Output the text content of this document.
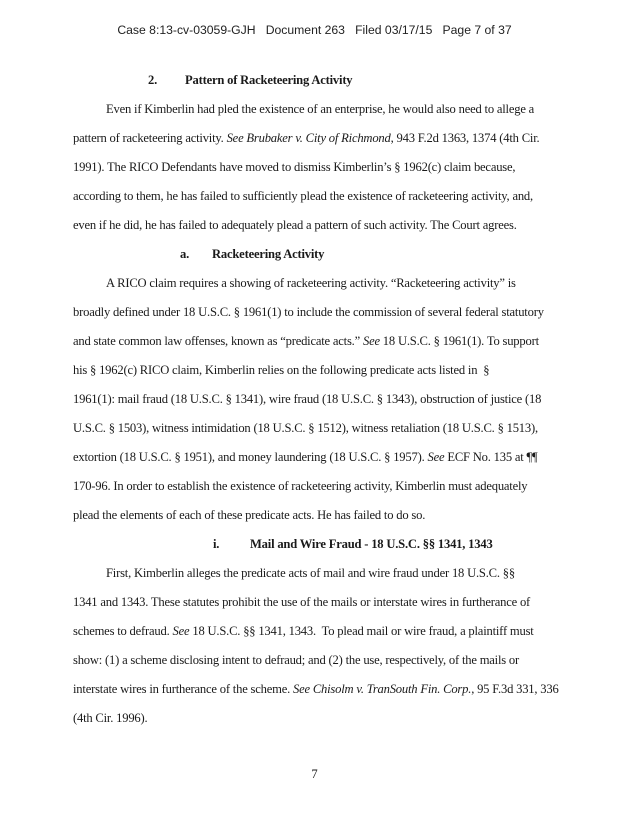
Case 8:13-cv-03059-GJH   Document 263   Filed 03/17/15   Page 7 of 37
2. Pattern of Racketeering Activity
Even if Kimberlin had pled the existence of an enterprise, he would also need to allege a
pattern of racketeering activity. See Brubaker v. City of Richmond, 943 F.2d 1363, 1374 (4th Cir.
1991). The RICO Defendants have moved to dismiss Kimberlin’s § 1962(c) claim because,
according to them, he has failed to sufficiently plead the existence of racketeering activity, and,
even if he did, he has failed to adequately plead a pattern of such activity. The Court agrees.
a. Racketeering Activity
A RICO claim requires a showing of racketeering activity. “Racketeering activity” is
broadly defined under 18 U.S.C. § 1961(1) to include the commission of several federal statutory
and state common law offenses, known as “predicate acts.” See 18 U.S.C. § 1961(1). To support
his § 1962(c) RICO claim, Kimberlin relies on the following predicate acts listed in  §
1961(1): mail fraud (18 U.S.C. § 1341), wire fraud (18 U.S.C. § 1343), obstruction of justice (18
U.S.C. § 1503), witness intimidation (18 U.S.C. § 1512), witness retaliation (18 U.S.C. § 1513),
extortion (18 U.S.C. § 1951), and money laundering (18 U.S.C. § 1957). See ECF No. 135 at ¶¶
170-96. In order to establish the existence of racketeering activity, Kimberlin must adequately
plead the elements of each of these predicate acts. He has failed to do so.
i. Mail and Wire Fraud - 18 U.S.C. §§ 1341, 1343
First, Kimberlin alleges the predicate acts of mail and wire fraud under 18 U.S.C. §§
1341 and 1343. These statutes prohibit the use of the mails or interstate wires in furtherance of
schemes to defraud. See 18 U.S.C. §§ 1341, 1343.  To plead mail or wire fraud, a plaintiff must
show: (1) a scheme disclosing intent to defraud; and (2) the use, respectively, of the mails or
interstate wires in furtherance of the scheme. See Chisolm v. TranSouth Fin. Corp., 95 F.3d 331, 336
(4th Cir. 1996).
7
